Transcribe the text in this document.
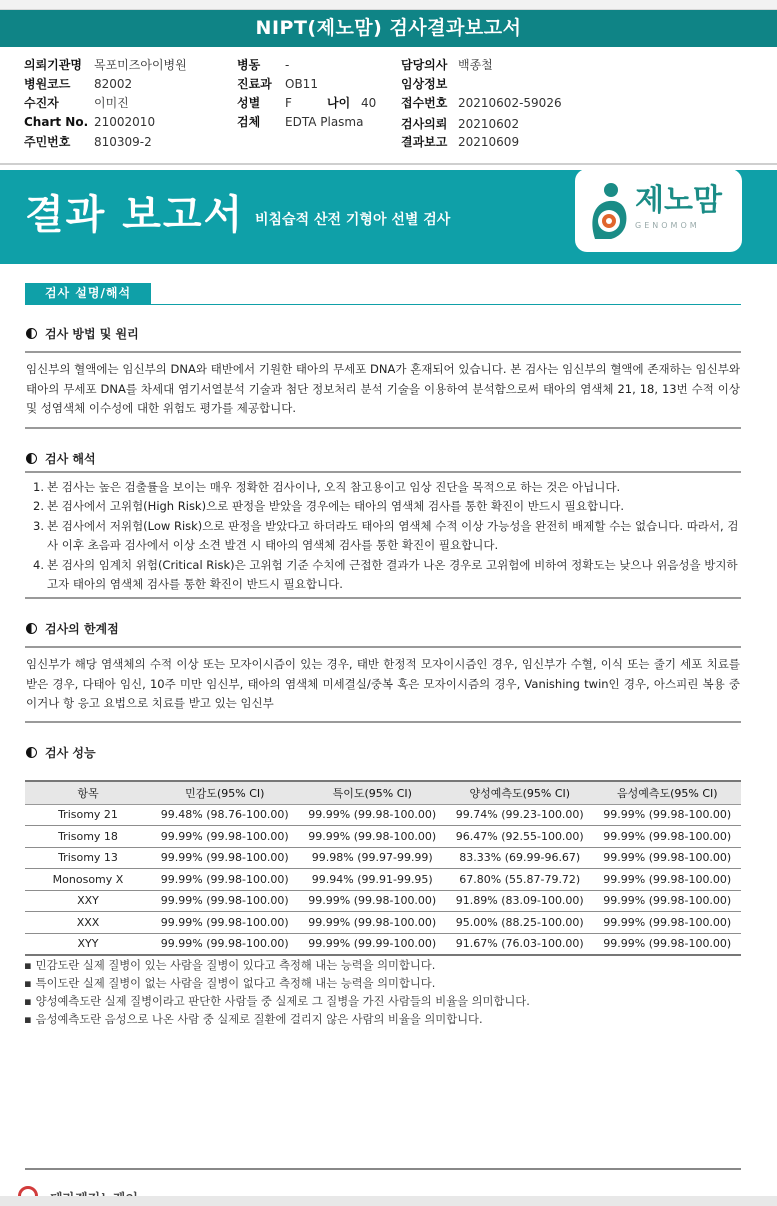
NIPT(제노맘) 검사결과보고서
의뢰기관명 목포미즈아이병원
병원코드 82002
수진자	이미진
Chart No. 21002010
주민번호 810309-2
병동 -
진료과 OB11
성별 F	나이 40
검체 EDTA Plasma
담당의사 백종철
임상정보
접수번호 20210602-59026
검사의뢰 20210602
결과보고 20210609
결과 보고서 비침습적 산전 기형아 선별 검사
제노맘
GENOMOM
검사 설명/해석
검사 방법 및 원리
임신부의 혈액에는 임신부의 DNA와 태반에서 기원한 태아의 무세포 DNA가 혼재되어 있습니다. 본 검사는 임신부의 혈액에 존재하는 임신부와 태아의 무세포 DNA를 차세대 염기서열분석 기술과 첨단 정보처리 분석 기술을 이용하여 분석함으로써 태아의 염색체 21, 18, 13번 수적 이상 및 성염색체 이수성에 대한 위험도 평가를 제공합니다.
검사 해석
1. 본 검사는 높은 검출률을 보이는 매우 정확한 검사이나, 오직 참고용이고 임상 진단을 목적으로 하는 것은 아닙니다.
2. 본 검사에서 고위험(High Risk)으로 판정을 받았을 경우에는 태아의 염색체 검사를 통한 확진이 반드시 필요합니다.
3. 본 검사에서 저위험(Low Risk)으로 판정을 받았다고 하더라도 태아의 염색체 수적 이상 가능성을 완전히 배제할 수는 없습니다. 따라서, 검사 이후 초음파 검사에서 이상 소견 발견 시 태아의 염색체 검사를 통한 확진이 필요합니다.
4. 본 검사의 임계치 위험(Critical Risk)은 고위험 기준 수치에 근접한 결과가 나온 경우로 고위험에 비하여 정확도는 낮으나 위음성을 방지하고자 태아의 염색체 검사를 통한 확진이 반드시 필요합니다.
검사의 한계점
임신부가 해당 염색체의 수적 이상 또는 모자이시즘이 있는 경우, 태반 한정적 모자이시즘인 경우, 임신부가 수혈, 이식 또는 줄기 세포 치료를 받은 경우, 다태아 임신, 10주 미만 임신부, 태아의 염색체 미세결실/중복 혹은 모자이시즘의 경우, Vanishing twin인 경우, 아스피린 복용 중이거나 항 응고 요법으로 치료를 받고 있는 임신부
검사 성능
항목	민감도(95% CI)	특이도(95% CI)	양성예측도(95% CI)	음성예측도(95% CI)
Trisomy 21	99.48% (98.76-100.00)	99.99% (99.98-100.00)	99.74% (99.23-100.00)	99.99% (99.98-100.00)
Trisomy 18	99.99% (99.98-100.00)	99.99% (99.98-100.00)	96.47% (92.55-100.00)	99.99% (99.98-100.00)
Trisomy 13	99.99% (99.98-100.00)	99.98% (99.97-99.99)	83.33% (69.99-96.67)	99.99% (99.98-100.00)
Monosomy X	99.99% (99.98-100.00)	99.94% (99.91-99.95)	67.80% (55.87-79.72)	99.99% (99.98-100.00)
XXY	99.99% (99.98-100.00)	99.99% (99.98-100.00)	91.89% (83.09-100.00)	99.99% (99.98-100.00)
XXX	99.99% (99.98-100.00)	99.99% (99.98-100.00)	95.00% (88.25-100.00)	99.99% (99.98-100.00)
XYY	99.99% (99.98-100.00)	99.99% (99.99-100.00)	91.67% (76.03-100.00)	99.99% (99.98-100.00)
▪ 민감도란 실제 질병이 있는 사람을 질병이 있다고 측정해 내는 능력을 의미합니다.
▪ 특이도란 실제 질병이 없는 사람을 질병이 없다고 측정해 내는 능력을 의미합니다.
▪ 양성예측도란 실제 질병이라고 판단한 사람들 중 실제로 그 질병을 가진 사람들의 비율을 의미합니다.
▪ 음성예측도란 음성으로 나온 사람 중 실제로 질환에 걸리지 않은 사람의 비율을 의미합니다.
